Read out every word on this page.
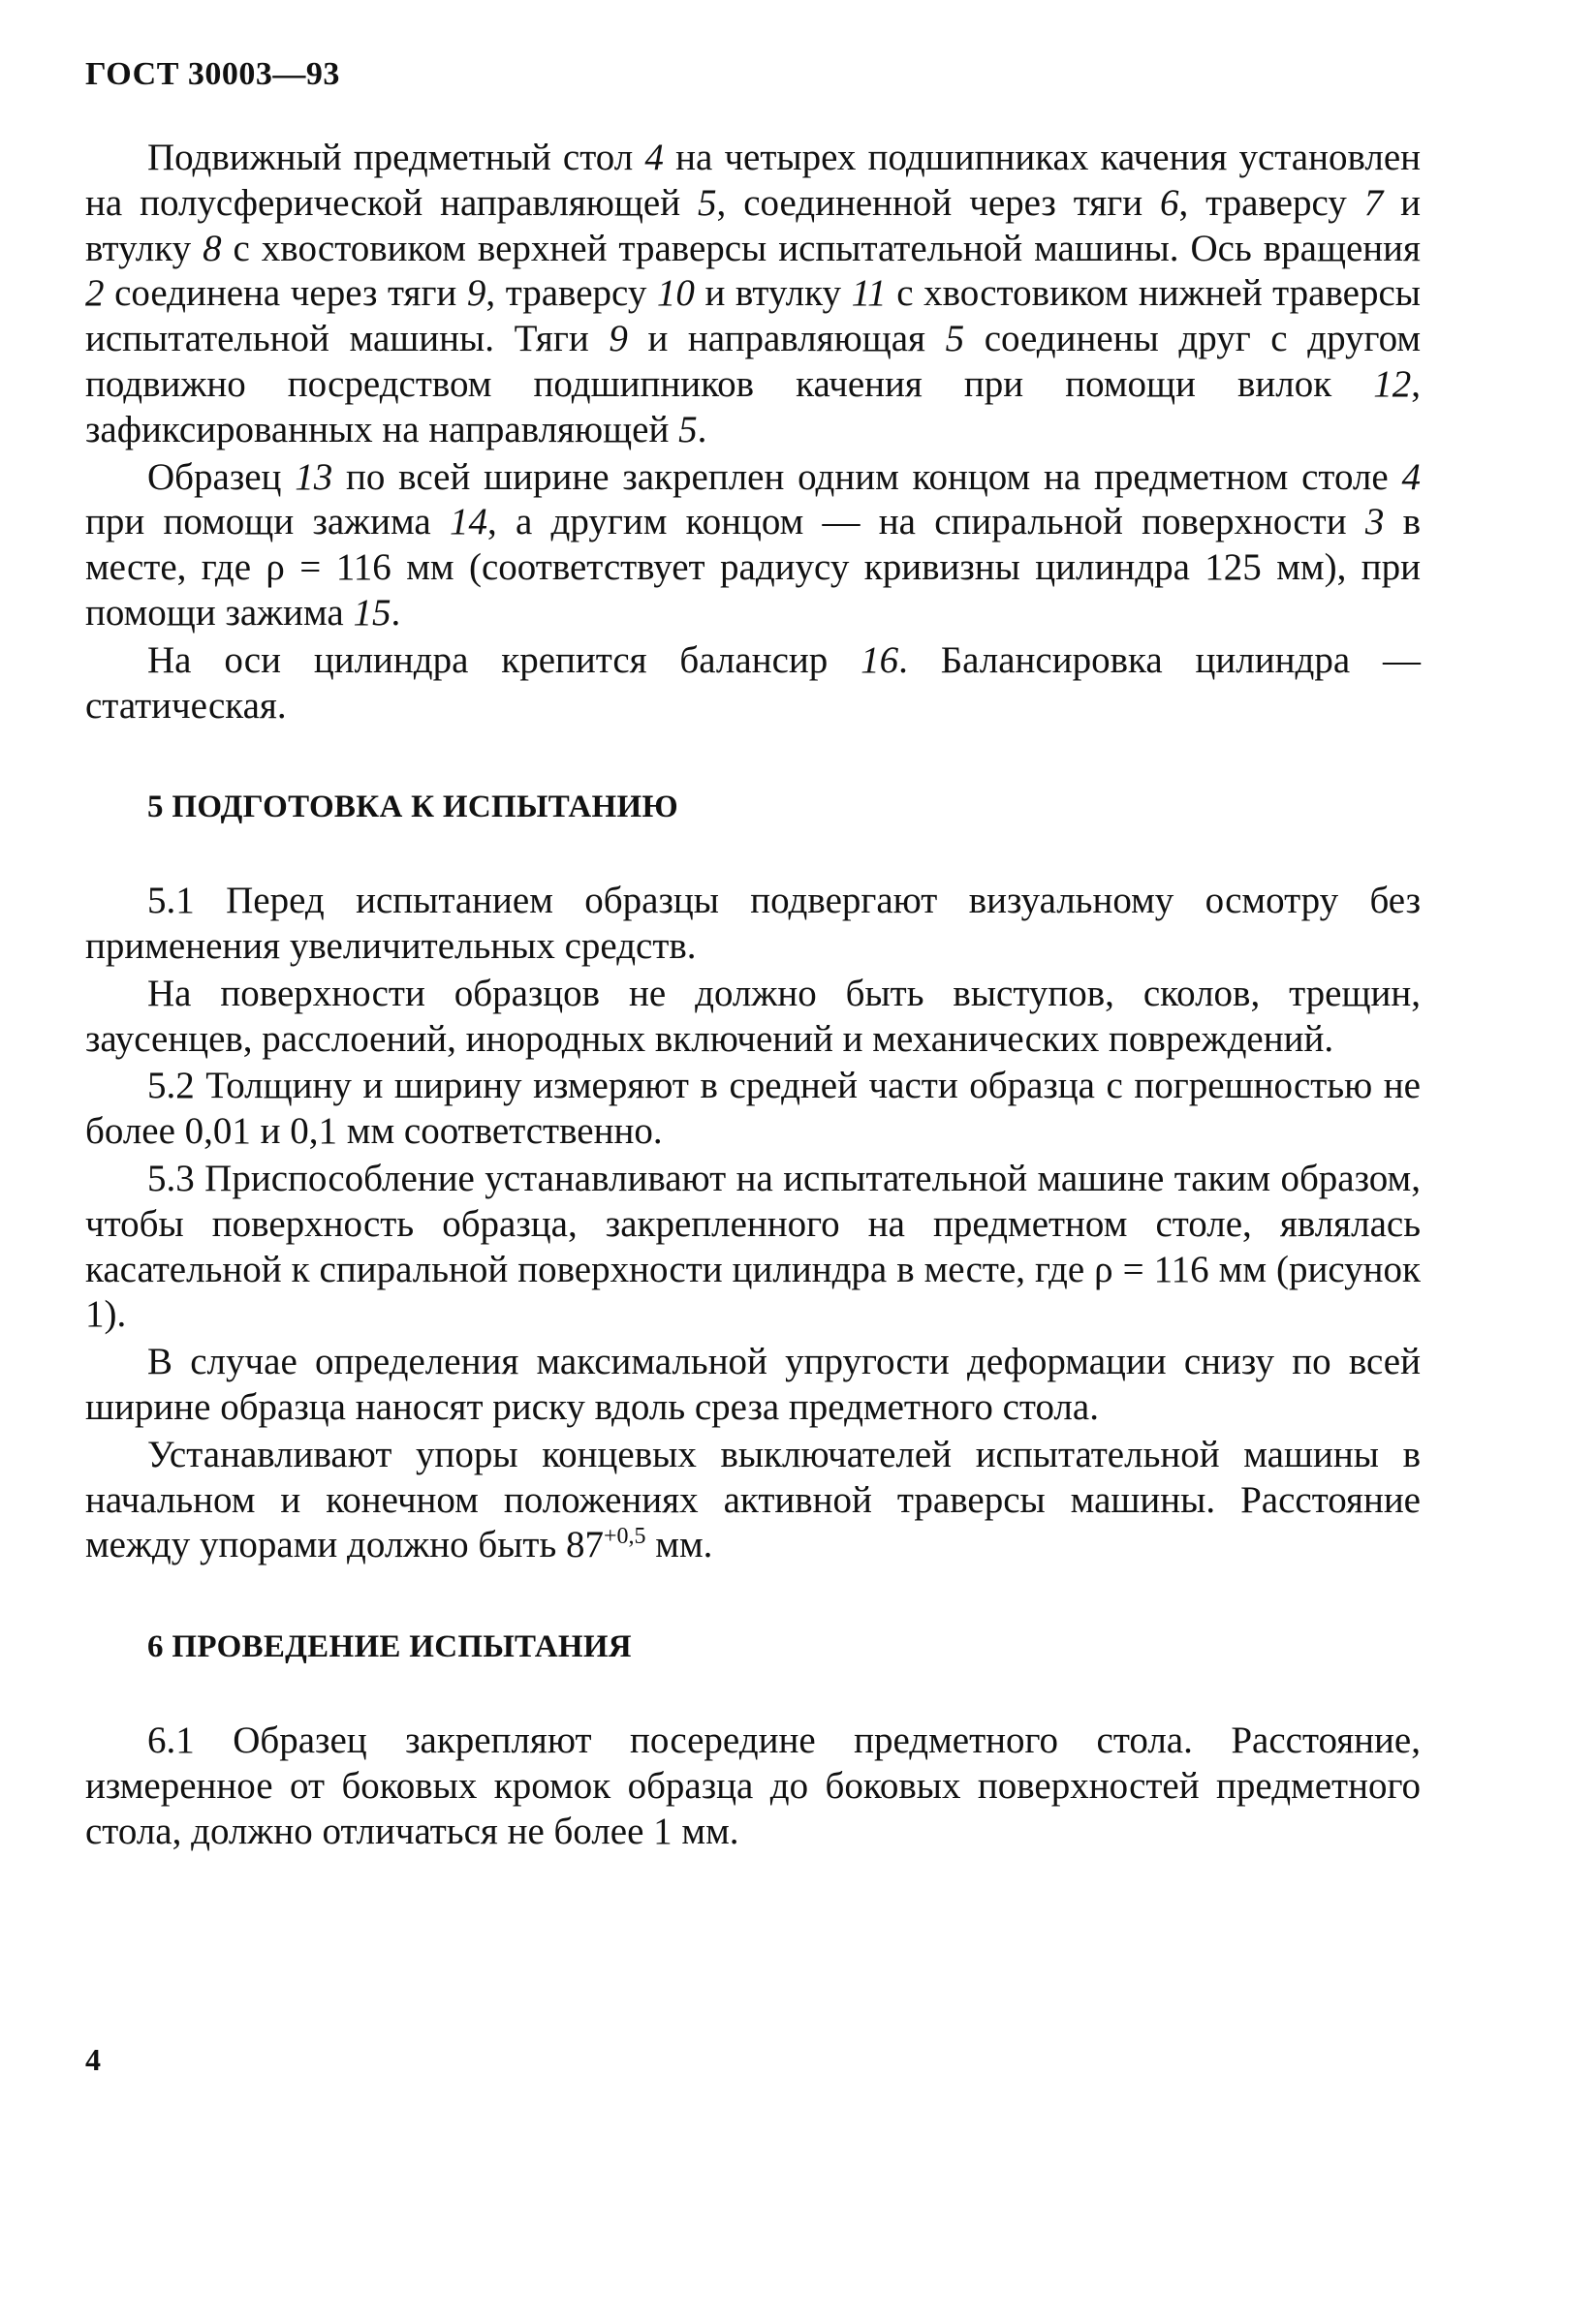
ГОСТ 30003—93

Подвижный предметный стол 4 на четырех подшипниках качения установлен на полусферической направляющей 5, соединенной через тяги 6, траверсу 7 и втулку 8 с хвостовиком верхней траверсы испытательной машины. Ось вращения 2 соединена через тяги 9, траверсу 10 и втулку 11 с хвостовиком нижней траверсы испытательной машины. Тяги 9 и направляющая 5 соединены друг с другом подвижно посредством подшипников качения при помощи вилок 12, зафиксированных на направляющей 5.

Образец 13 по всей ширине закреплен одним концом на предметном столе 4 при помощи зажима 14, а другим концом — на спиральной поверхности 3 в месте, где ρ = 116 мм (соответствует радиусу кривизны цилиндра 125 мм), при помощи зажима 15.

На оси цилиндра крепится балансир 16. Балансировка цилиндра — статическая.

5 ПОДГОТОВКА К ИСПЫТАНИЮ

5.1 Перед испытанием образцы подвергают визуальному осмотру без применения увеличительных средств.

На поверхности образцов не должно быть выступов, сколов, трещин, заусенцев, расслоений, инородных включений и механических повреждений.

5.2 Толщину и ширину измеряют в средней части образца с погрешностью не более 0,01 и 0,1 мм соответственно.

5.3 Приспособление устанавливают на испытательной машине таким образом, чтобы поверхность образца, закрепленного на предметном столе, являлась касательной к спиральной поверхности цилиндра в месте, где ρ = 116 мм (рисунок 1).

В случае определения максимальной упругости деформации снизу по всей ширине образца наносят риску вдоль среза предметного стола.

Устанавливают упоры концевых выключателей испытательной машины в начальном и конечном положениях активной траверсы машины. Расстояние между упорами должно быть $87^{+0,5}$ мм.

6 ПРОВЕДЕНИЕ ИСПЫТАНИЯ

6.1 Образец закрепляют посередине предметного стола. Расстояние, измеренное от боковых кромок образца до боковых поверхностей предметного стола, должно отличаться не более 1 мм.

4
